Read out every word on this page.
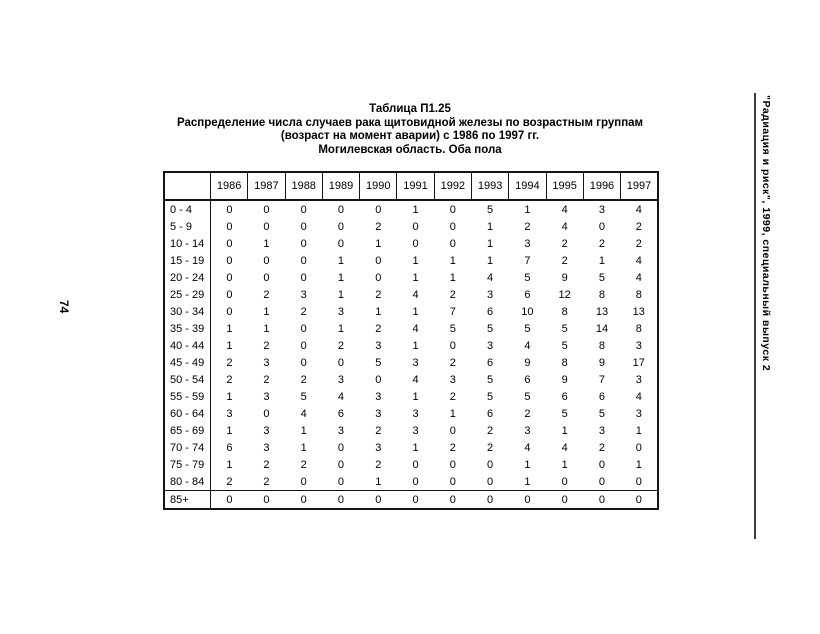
74
Таблица П1.25
Распределение числа случаев рака щитовидной железы по возрастным группам
(возраст на момент аварии) с 1986 по 1997 гг.
Могилевская область. Оба пола
	1986	1987	1988	1989	1990	1991	1992	1993	1994	1995	1996	1997
0 - 4	0	0	0	0	0	1	0	5	1	4	3	4
5 - 9	0	0	0	0	2	0	0	1	2	4	0	2
10 - 14	0	1	0	0	1	0	0	1	3	2	2	2
15 - 19	0	0	0	1	0	1	1	1	7	2	1	4
20 - 24	0	0	0	1	0	1	1	4	5	9	5	4
25 - 29	0	2	3	1	2	4	2	3	6	12	8	8
30 - 34	0	1	2	3	1	1	7	6	10	8	13	13
35 - 39	1	1	0	1	2	4	5	5	5	5	14	8
40 - 44	1	2	0	2	3	1	0	3	4	5	8	3
45 - 49	2	3	0	0	5	3	2	6	9	8	9	17
50 - 54	2	2	2	3	0	4	3	5	6	9	7	3
55 - 59	1	3	5	4	3	1	2	5	5	6	6	4
60 - 64	3	0	4	6	3	3	1	6	2	5	5	3
65 - 69	1	3	1	3	2	3	0	2	3	1	3	1
70 - 74	6	3	1	0	3	1	2	2	4	4	2	0
75 - 79	1	2	2	0	2	0	0	0	1	1	0	1
80 - 84	2	2	0	0	1	0	0	0	1	0	0	0
85+	0	0	0	0	0	0	0	0	0	0	0	0
"Радиация и риск", 1999, специальный выпуск 2
